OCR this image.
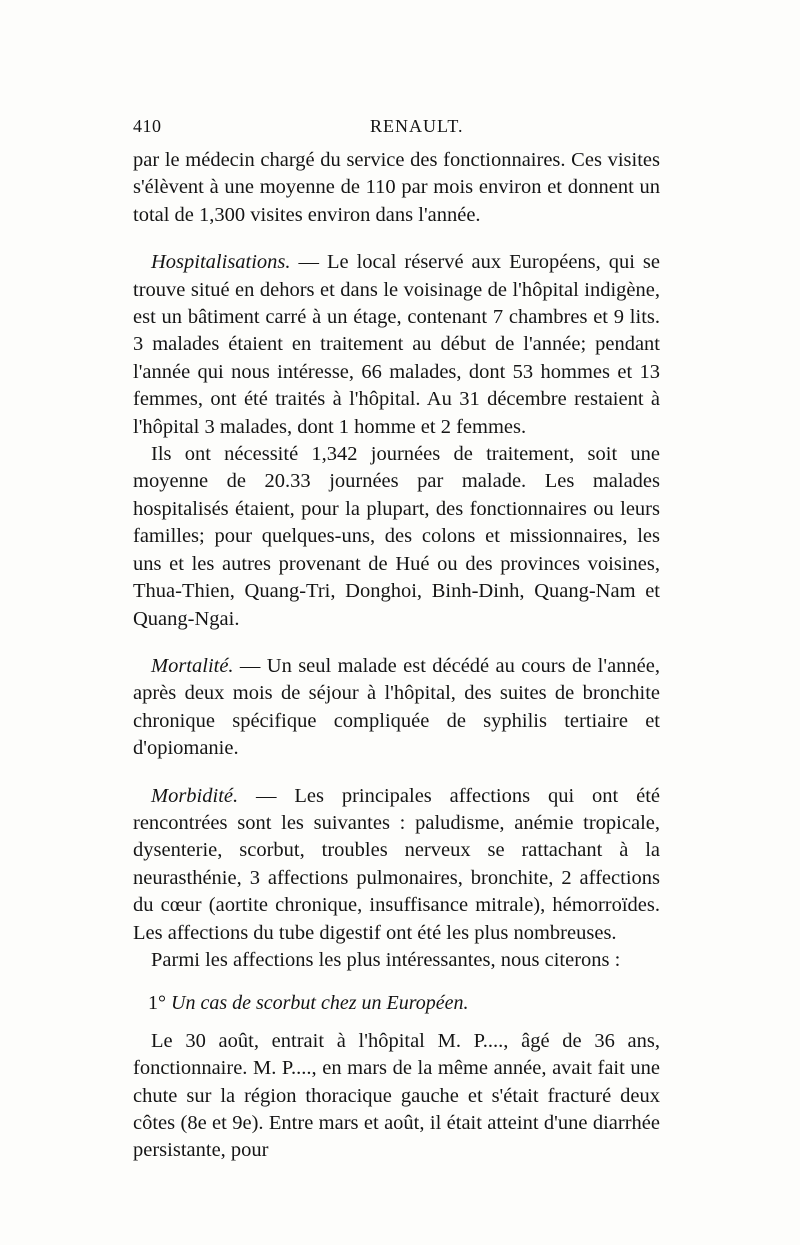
410	RENAULT.

par le médecin chargé du service des fonctionnaires. Ces visites s'élèvent à une moyenne de 110 par mois environ et donnent un total de 1,300 visites environ dans l'année.

Hospitalisations. — Le local réservé aux Européens, qui se trouve situé en dehors et dans le voisinage de l'hôpital indigène, est un bâtiment carré à un étage, contenant 7 chambres et 9 lits. 3 malades étaient en traitement au début de l'année; pendant l'année qui nous intéresse, 66 malades, dont 53 hommes et 13 femmes, ont été traités à l'hôpital. Au 31 décembre restaient à l'hôpital 3 malades, dont 1 homme et 2 femmes.

Ils ont nécessité 1,342 journées de traitement, soit une moyenne de 20.33 journées par malade. Les malades hospitalisés étaient, pour la plupart, des fonctionnaires ou leurs familles; pour quelques-uns, des colons et missionnaires, les uns et les autres provenant de Hué ou des provinces voisines, Thua-Thien, Quang-Tri, Donghoi, Binh-Dinh, Quang-Nam et Quang-Ngai.

Mortalité. — Un seul malade est décédé au cours de l'année, après deux mois de séjour à l'hôpital, des suites de bronchite chronique spécifique compliquée de syphilis tertiaire et d'opiomanie.

Morbidité. — Les principales affections qui ont été rencontrées sont les suivantes : paludisme, anémie tropicale, dysenterie, scorbut, troubles nerveux se rattachant à la neurasthénie, 3 affections pulmonaires, bronchite, 2 affections du cœur (aortite chronique, insuffisance mitrale), hémorroïdes. Les affections du tube digestif ont été les plus nombreuses.

Parmi les affections les plus intéressantes, nous citerons :

1° Un cas de scorbut chez un Européen.

Le 30 août, entrait à l'hôpital M. P...., âgé de 36 ans, fonctionnaire. M. P...., en mars de la même année, avait fait une chute sur la région thoracique gauche et s'était fracturé deux côtes (8e et 9e). Entre mars et août, il était atteint d'une diarrhée persistante, pour
